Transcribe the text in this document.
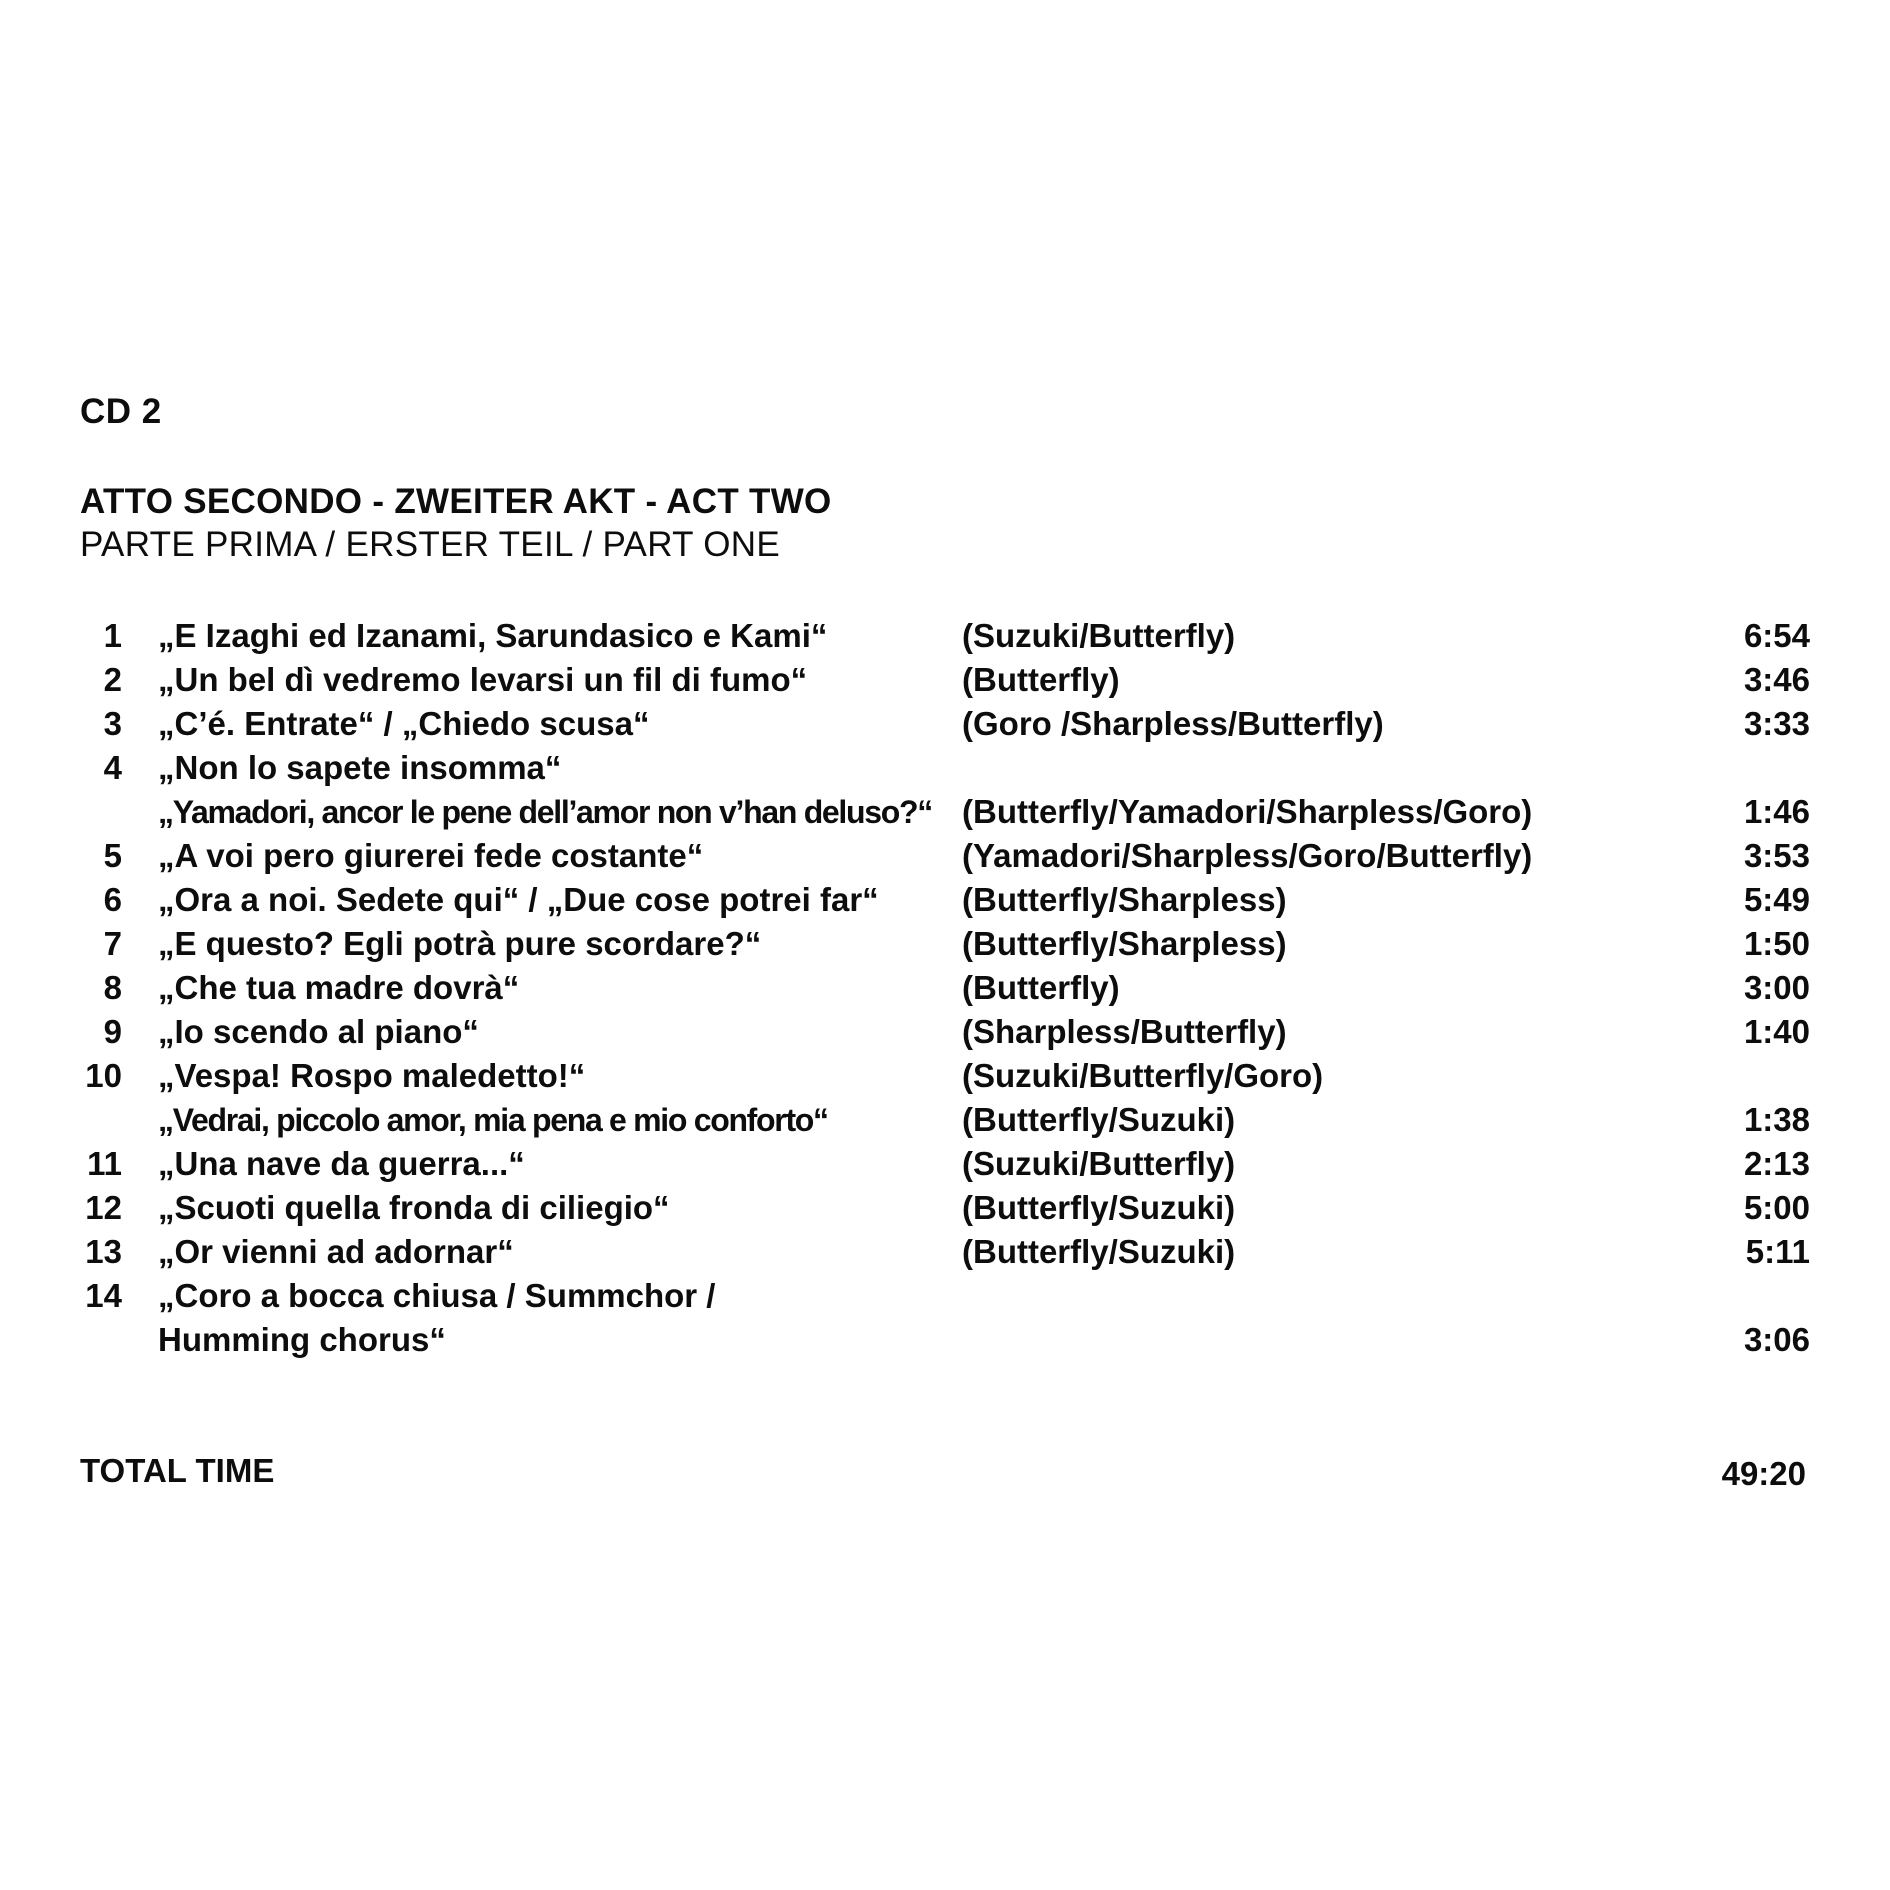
CD 2
ATTO SECONDO - ZWEITER AKT - ACT TWO
PARTE PRIMA / ERSTER TEIL / PART ONE
1 „E Izaghi ed Izanami, Sarundasico e Kami“	(Suzuki/Butterfly)	6:54
2 „Un bel dì vedremo levarsi un fil di fumo“	(Butterfly)	3:46
3 „C’é. Entrate“ / „Chiedo scusa“	(Goro /Sharpless/Butterfly)	3:33
4 „Non lo sapete insomma“
„Yamadori, ancor le pene dell’amor non v’han deluso?“ (Butterfly/Yamadori/Sharpless/Goro)	1:46
5 „A voi pero giurerei fede costante“	(Yamadori/Sharpless/Goro/Butterfly)	3:53
6 „Ora a noi. Sedete qui“ / „Due cose potrei far“	(Butterfly/Sharpless)	5:49
7 „E questo? Egli potrà pure scordare?“	(Butterfly/Sharpless)	1:50
8 „Che tua madre dovrà“	(Butterfly)	3:00
9 „Io scendo al piano“	(Sharpless/Butterfly)	1:40
10 „Vespa! Rospo maledetto!“	(Suzuki/Butterfly/Goro)
„Vedrai, piccolo amor, mia pena e mio conforto“	(Butterfly/Suzuki)	1:38
11 „Una nave da guerra...“	(Suzuki/Butterfly)	2:13
12 „Scuoti quella fronda di ciliegio“	(Butterfly/Suzuki)	5:00
13 „Or vienni ad adornar“	(Butterfly/Suzuki)	5:11
14 „Coro a bocca chiusa / Summchor /
Humming chorus“	3:06
TOTAL TIME	49:20
